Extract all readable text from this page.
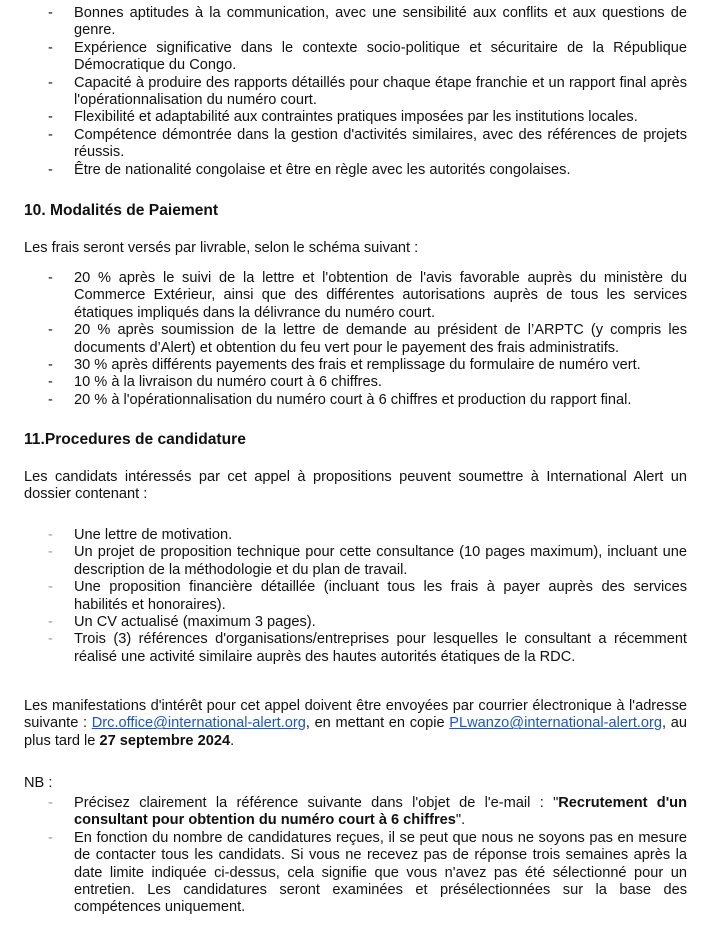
- Bonnes aptitudes à la communication, avec une sensibilité aux conflits et aux questions de genre.
- Expérience significative dans le contexte socio-politique et sécuritaire de la République Démocratique du Congo.
- Capacité à produire des rapports détaillés pour chaque étape franchie et un rapport final après l'opérationnalisation du numéro court.
- Flexibilité et adaptabilité aux contraintes pratiques imposées par les institutions locales.
- Compétence démontrée dans la gestion d'activités similaires, avec des références de projets réussis.
- Être de nationalité congolaise et être en règle avec les autorités congolaises.
10. Modalités de Paiement

Les frais seront versés par livrable, selon le schéma suivant :

- 20 % après le suivi de la lettre et l'obtention de l'avis favorable auprès du ministère du Commerce Extérieur, ainsi que des différentes autorisations auprès de tous les services étatiques impliqués dans la délivrance du numéro court.
- 20 % après soumission de la lettre de demande au président de l’ARPTC (y compris les documents d’Alert) et obtention du feu vert pour le payement des frais administratifs.
- 30 % après différents payements des frais et remplissage du formulaire de numéro vert.
- 10 % à la livraison du numéro court à 6 chiffres.
- 20 % à l'opérationnalisation du numéro court à 6 chiffres et production du rapport final.
11.Procedures de candidature

Les candidats intéressés par cet appel à propositions peuvent soumettre à International Alert un dossier contenant :

- Une lettre de motivation.
- Un projet de proposition technique pour cette consultance (10 pages maximum), incluant une description de la méthodologie et du plan de travail.
- Une proposition financière détaillée (incluant tous les frais à payer auprès des services habilités et honoraires).
- Un CV actualisé (maximum 3 pages).
- Trois (3) références d'organisations/entreprises pour lesquelles le consultant a récemment réalisé une activité similaire auprès des hautes autorités étatiques de la RDC.

Les manifestations d'intérêt pour cet appel doivent être envoyées par courrier électronique à l'adresse suivante : Drc.office@international-alert.org, en mettant en copie PLwanzo@international-alert.org, au plus tard le 27 septembre 2024.

NB :

- Précisez clairement la référence suivante dans l'objet de l'e-mail : "Recrutement d'un consultant pour obtention du numéro court à 6 chiffres".
- En fonction du nombre de candidatures reçues, il se peut que nous ne soyons pas en mesure de contacter tous les candidats. Si vous ne recevez pas de réponse trois semaines après la date limite indiquée ci-dessus, cela signifie que vous n'avez pas été sélectionné pour un entretien. Les candidatures seront examinées et présélectionnées sur la base des compétences uniquement.
